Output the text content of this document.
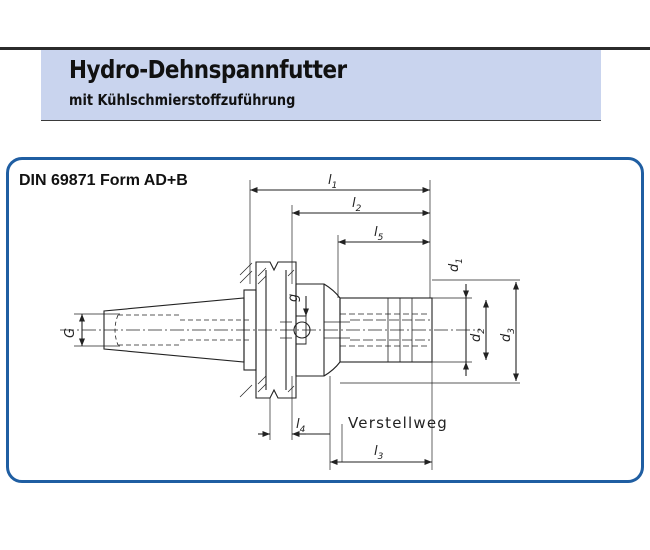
Hydro-Dehnspannfutter
mit Kühlschmierstoffzuführung
DIN 69871 Form AD+B	$l_1$
$l_2$
$l_5$
$l_3$
$l_4$
$d_1$
$d_2$
$d_3$
G
g
Verstellweg
